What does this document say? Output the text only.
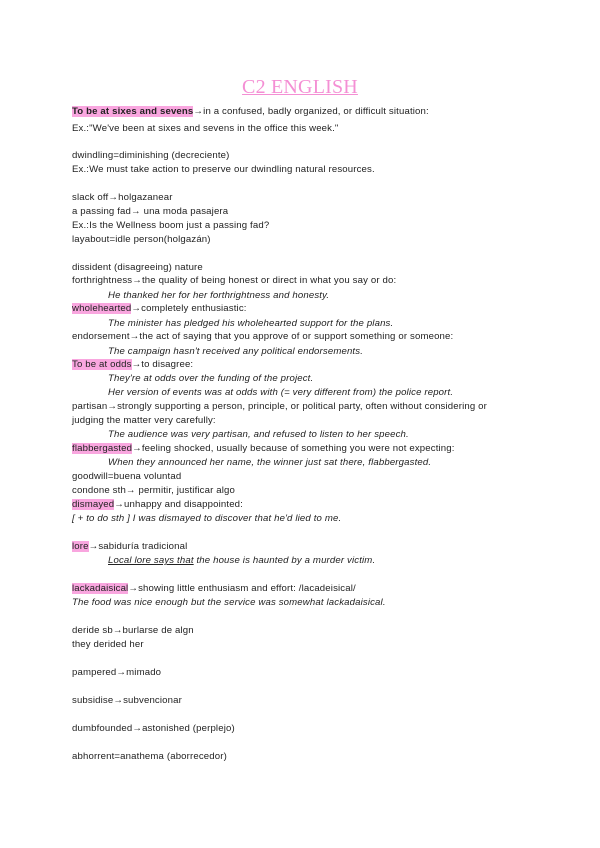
C2 ENGLISH
To be at sixes and sevens→in a confused, badly organized, or difficult situation:
Ex.:"We've been at sixes and sevens in the office this week."
dwindling=diminishing (decreciente)
Ex.:We must take action to preserve our dwindling natural resources.
slack off→holgazanear
a passing fad→ una moda pasajera
Ex.:Is the Wellness boom just a passing fad?
layabout=idle person(holgazán)
dissident (disagreeing) nature
forthrightness→the quality of being honest or direct in what you say or do:
He thanked her for her forthrightness and honesty.
wholehearted→completely enthusiastic:
The minister has pledged his wholehearted support for the plans.
endorsement→the act of saying that you approve of or support something or someone:
The campaign hasn't received any political endorsements.
To be at odds→to disagree:
They're at odds over the funding of the project.
Her version of events was at odds with (= very different from) the police report.
partisan→strongly supporting a person, principle, or political party, often without considering or
judging the matter very carefully:
The audience was very partisan, and refused to listen to her speech.
flabbergasted→feeling shocked, usually because of something you were not expecting:
When they announced her name, the winner just sat there, flabbergasted.
goodwill=buena voluntad
condone sth→ permitir, justificar algo
dismayed→unhappy and disappointed:
[ + to do sth ] I was dismayed to discover that he'd lied to me.
lore→sabiduría tradicional
Local lore says that the house is haunted by a murder victim.
lackadaisical→showing little enthusiasm and effort: /lacadeisical/
The food was nice enough but the service was somewhat lackadaisical.
deride sb→burlarse de algn
they derided her
pampered→mimado
subsidise→subvencionar
dumbfounded→astonished (perplejo)
abhorrent=anathema (aborrecedor)
